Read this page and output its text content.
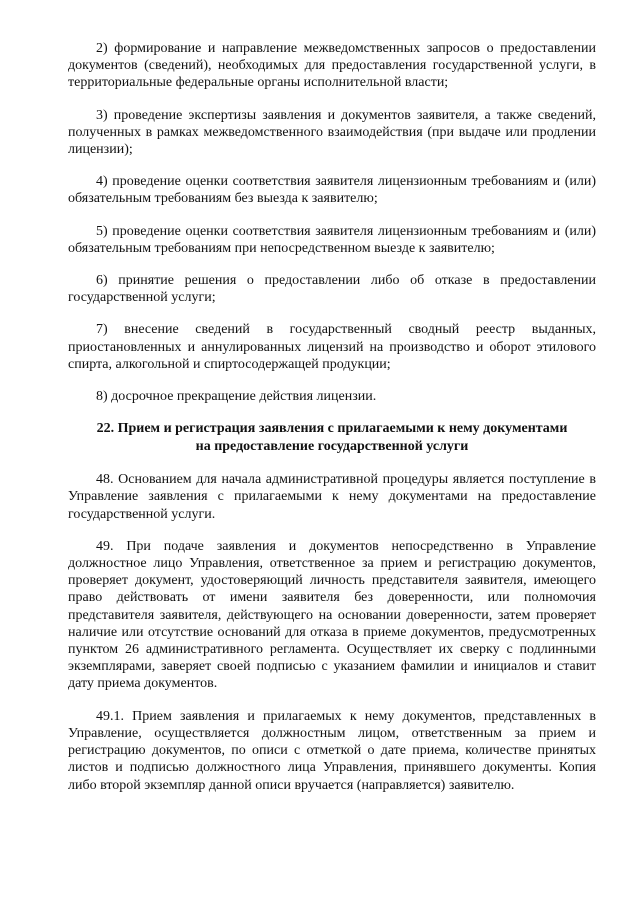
2) формирование и направление межведомственных запросов о предоставлении документов (сведений), необходимых для предоставления государственной услуги, в территориальные федеральные органы исполнительной власти;

3) проведение экспертизы заявления и документов заявителя, а также сведений, полученных в рамках межведомственного взаимодействия (при выдаче или продлении лицензии);

4) проведение оценки соответствия заявителя лицензионным требованиям и (или) обязательным требованиям без выезда к заявителю;

5) проведение оценки соответствия заявителя лицензионным требованиям и (или) обязательным требованиям при непосредственном выезде к заявителю;

6) принятие решения о предоставлении либо об отказе в предоставлении государственной услуги;

7) внесение сведений в государственный сводный реестр выданных, приостановленных и аннулированных лицензий на производство и оборот этилового спирта, алкогольной и спиртосодержащей продукции;

8) досрочное прекращение действия лицензии.

22. Прием и регистрация заявления с прилагаемыми к нему документами
на предоставление государственной услуги

48. Основанием для начала административной процедуры является поступление в Управление заявления с прилагаемыми к нему документами на предоставление государственной услуги.

49. При подаче заявления и документов непосредственно в Управление должностное лицо Управления, ответственное за прием и регистрацию документов, проверяет документ, удостоверяющий личность представителя заявителя, имеющего право действовать от имени заявителя без доверенности, или полномочия представителя заявителя, действующего на основании доверенности, затем проверяет наличие или отсутствие оснований для отказа в приеме документов, предусмотренных пунктом 26 административного регламента. Осуществляет их сверку с подлинными экземплярами, заверяет своей подписью с указанием фамилии и инициалов и ставит дату приема документов.

49.1. Прием заявления и прилагаемых к нему документов, представленных в Управление, осуществляется должностным лицом, ответственным за прием и регистрацию документов, по описи с отметкой о дате приема, количестве принятых листов и подписью должностного лица Управления, принявшего документы. Копия либо второй экземпляр данной описи вручается (направляется) заявителю.
